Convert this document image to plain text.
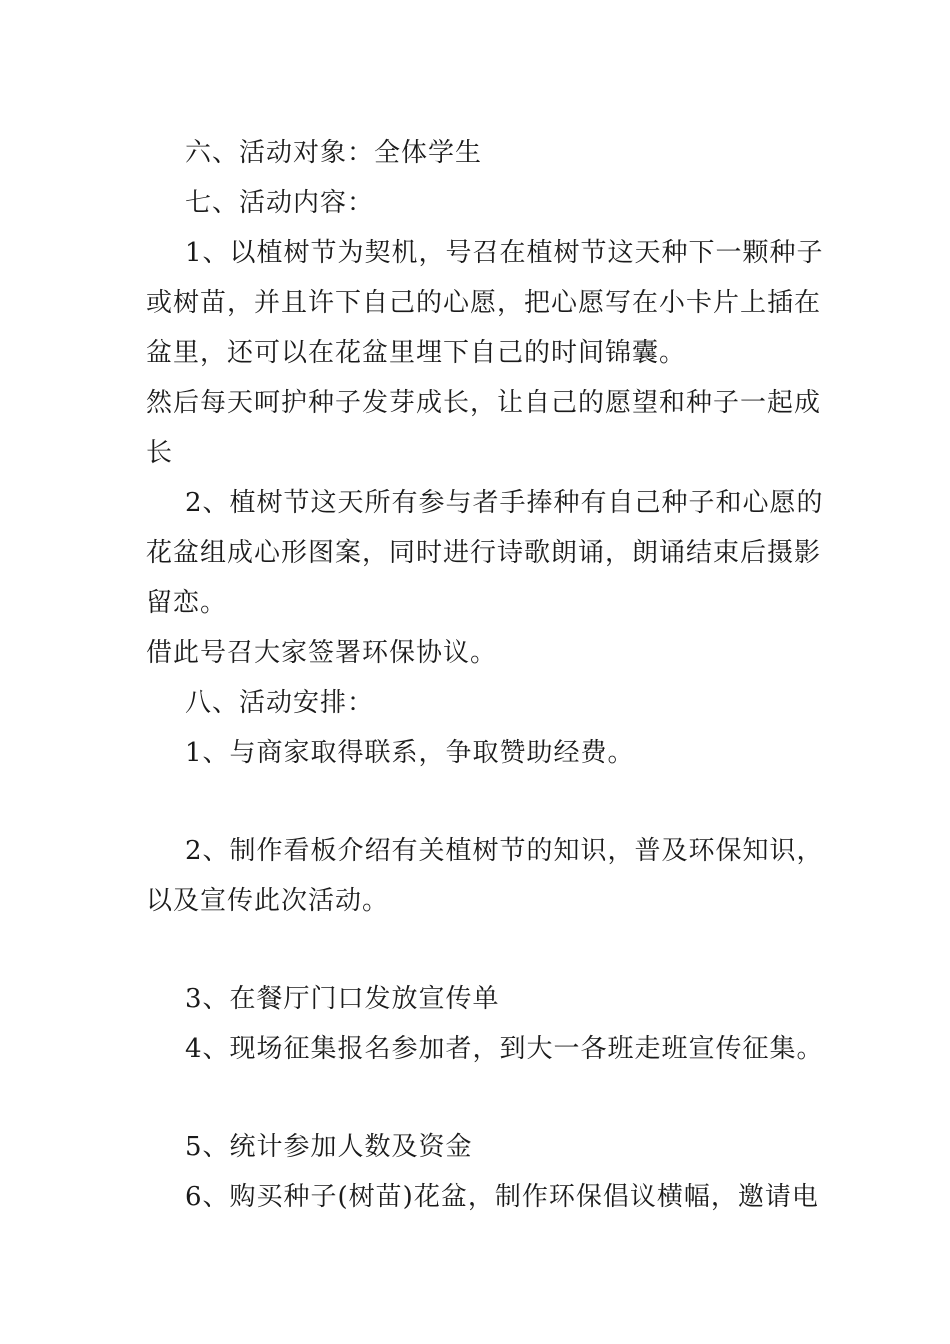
六、活动对象：全体学生
七、活动内容：
1、以植树节为契机，号召在植树节这天种下一颗种子
或树苗，并且许下自己的心愿，把心愿写在小卡片上插在
盆里，还可以在花盆里埋下自己的时间锦囊。
然后每天呵护种子发芽成长，让自己的愿望和种子一起成
长
2、植树节这天所有参与者手捧种有自己种子和心愿的
花盆组成心形图案，同时进行诗歌朗诵，朗诵结束后摄影
留恋。
借此号召大家签署环保协议。
八、活动安排：
1、与商家取得联系，争取赞助经费。
2、制作看板介绍有关植树节的知识，普及环保知识，
以及宣传此次活动。
3、在餐厅门口发放宣传单
4、现场征集报名参加者，到大一各班走班宣传征集。
5、统计参加人数及资金
6、购买种子(树苗)花盆，制作环保倡议横幅，邀请电
